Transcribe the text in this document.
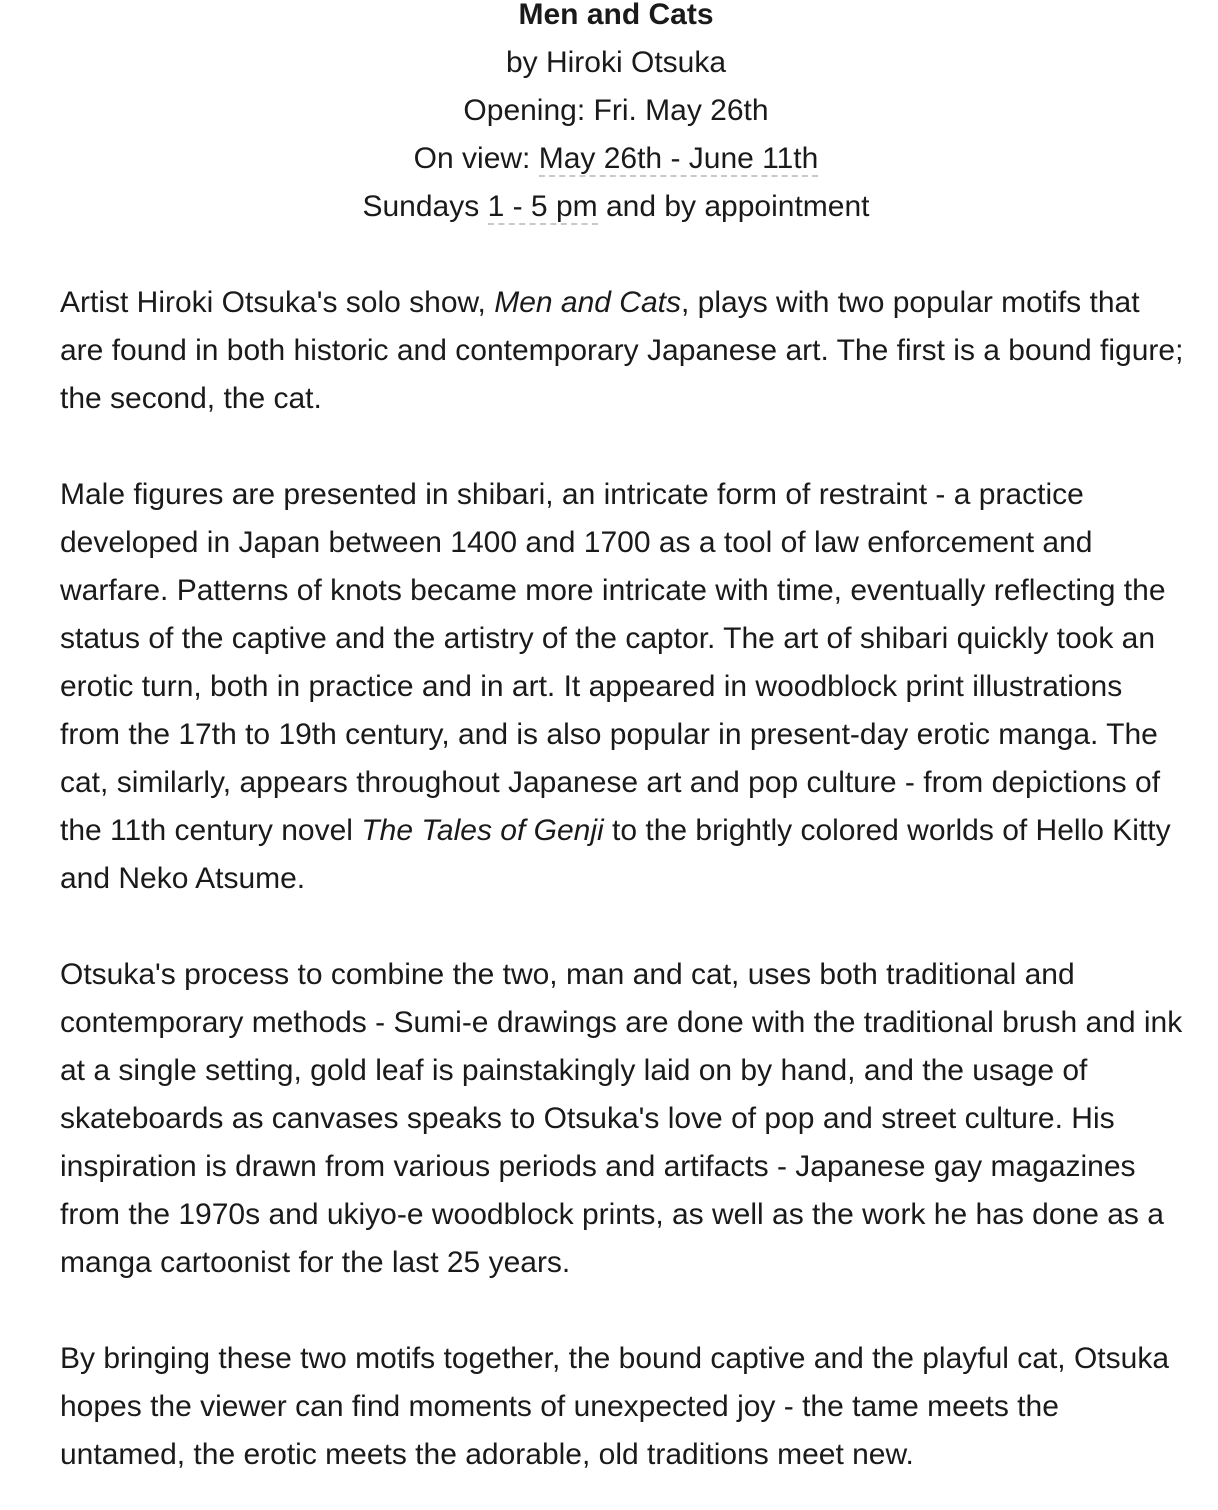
Men and Cats
by Hiroki Otsuka
Opening: Fri. May 26th
On view: May 26th - June 11th
Sundays 1 - 5 pm and by appointment

Artist Hiroki Otsuka's solo show, Men and Cats, plays with two popular motifs that are found in both historic and contemporary Japanese art. The first is a bound figure; the second, the cat.

Male figures are presented in shibari, an intricate form of restraint - a practice developed in Japan between 1400 and 1700 as a tool of law enforcement and warfare. Patterns of knots became more intricate with time, eventually reflecting the status of the captive and the artistry of the captor. The art of shibari quickly took an erotic turn, both in practice and in art. It appeared in woodblock print illustrations from the 17th to 19th century, and is also popular in present-day erotic manga. The cat, similarly, appears throughout Japanese art and pop culture - from depictions of the 11th century novel The Tales of Genji to the brightly colored worlds of Hello Kitty and Neko Atsume.

Otsuka's process to combine the two, man and cat, uses both traditional and contemporary methods - Sumi-e drawings are done with the traditional brush and ink at a single setting, gold leaf is painstakingly laid on by hand, and the usage of skateboards as canvases speaks to Otsuka's love of pop and street culture. His inspiration is drawn from various periods and artifacts - Japanese gay magazines from the 1970s and ukiyo-e woodblock prints, as well as the work he has done as a manga cartoonist for the last 25 years.

By bringing these two motifs together, the bound captive and the playful cat, Otsuka hopes the viewer can find moments of unexpected joy - the tame meets the untamed, the erotic meets the adorable, old traditions meet new.
